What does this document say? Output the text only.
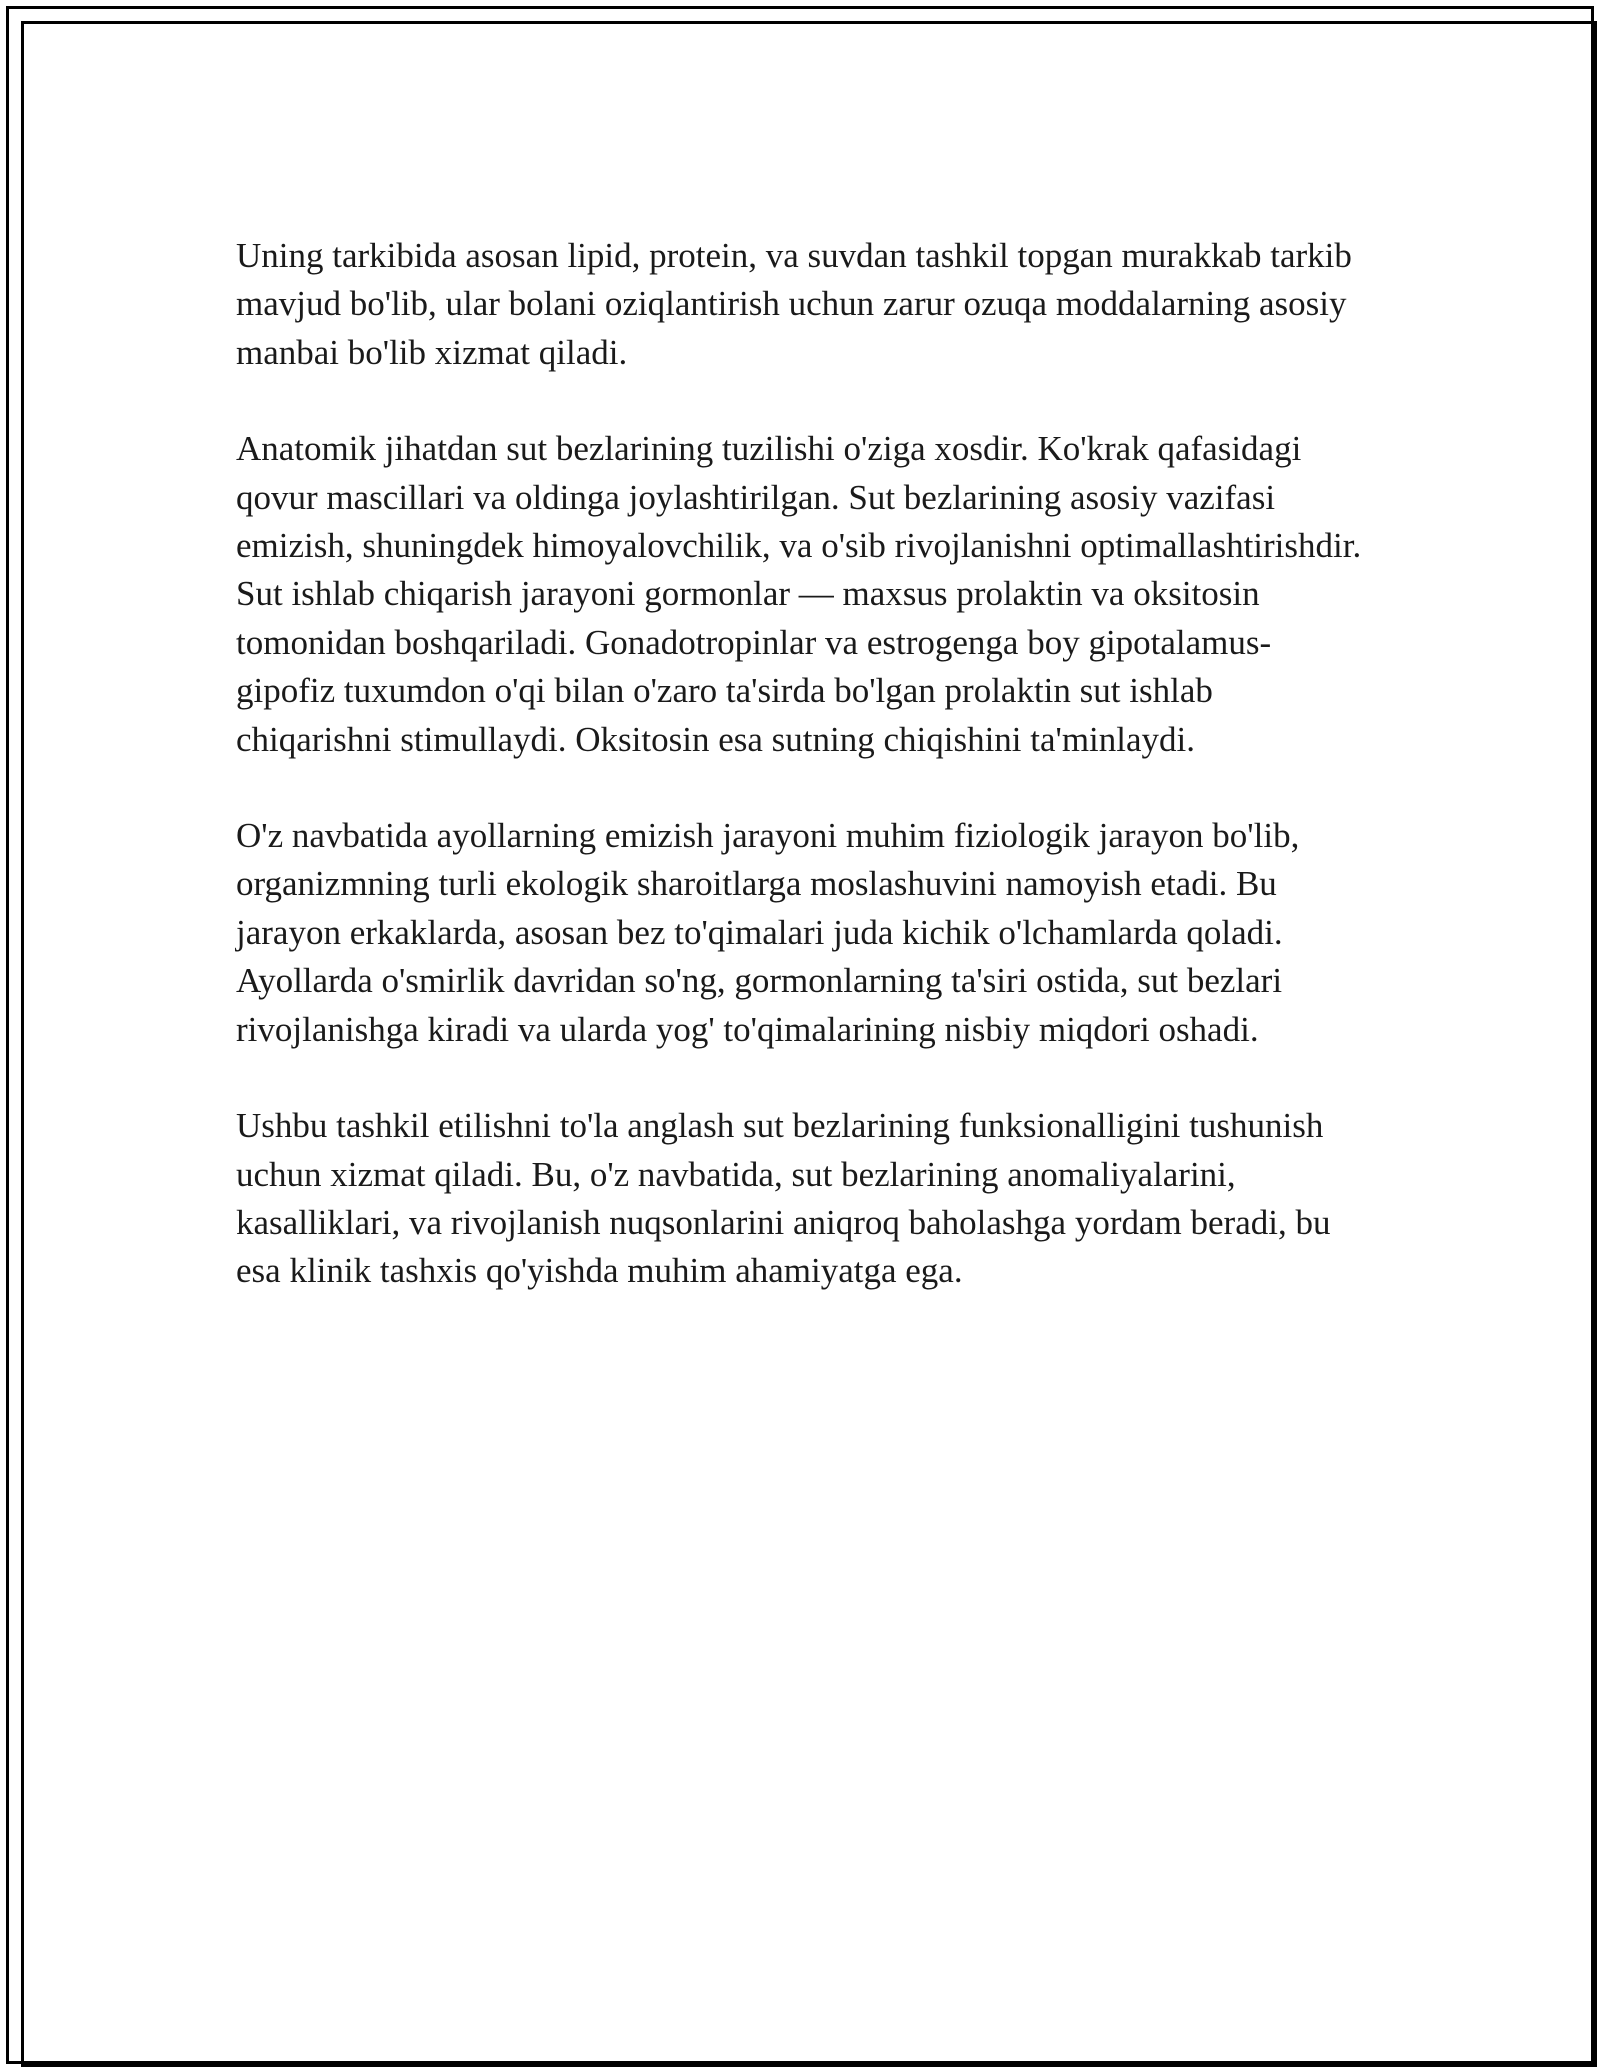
Uning tarkibida asosan lipid, protein, va suvdan tashkil topgan murakkab tarkib mavjud bo'lib, ular bolani oziqlantirish uchun zarur ozuqa moddalarning asosiy manbai bo'lib xizmat qiladi.

Anatomik jihatdan sut bezlarining tuzilishi o'ziga xosdir. Ko'krak qafasidagi qovur mascillari va oldinga joylashtirilgan. Sut bezlarining asosiy vazifasi emizish, shuningdek himoyalovchilik, va o'sib rivojlanishni optimallashtirishdir. Sut ishlab chiqarish jarayoni gormonlar — maxsus prolaktin va oksitosin tomonidan boshqariladi. Gonadotropinlar va estrogenga boy gipotalamus-gipofiz tuxumdon o'qi bilan o'zaro ta'sirda bo'lgan prolaktin sut ishlab chiqarishni stimullaydi. Oksitosin esa sutning chiqishini ta'minlaydi.

O'z navbatida ayollarning emizish jarayoni muhim fiziologik jarayon bo'lib, organizmning turli ekologik sharoitlarga moslashuvini namoyish etadi. Bu jarayon erkaklarda, asosan bez to'qimalari juda kichik o'lchamlarda qoladi. Ayollarda o'smirlik davridan so'ng, gormonlarning ta'siri ostida, sut bezlari rivojlanishga kiradi va ularda yog' to'qimalarining nisbiy miqdori oshadi.

Ushbu tashkil etilishni to'la anglash sut bezlarining funksionalligini tushunish uchun xizmat qiladi. Bu, o'z navbatida, sut bezlarining anomaliyalarini, kasalliklari, va rivojlanish nuqsonlarini aniqroq baholashga yordam beradi, bu esa klinik tashxis qo'yishda muhim ahamiyatga ega.
